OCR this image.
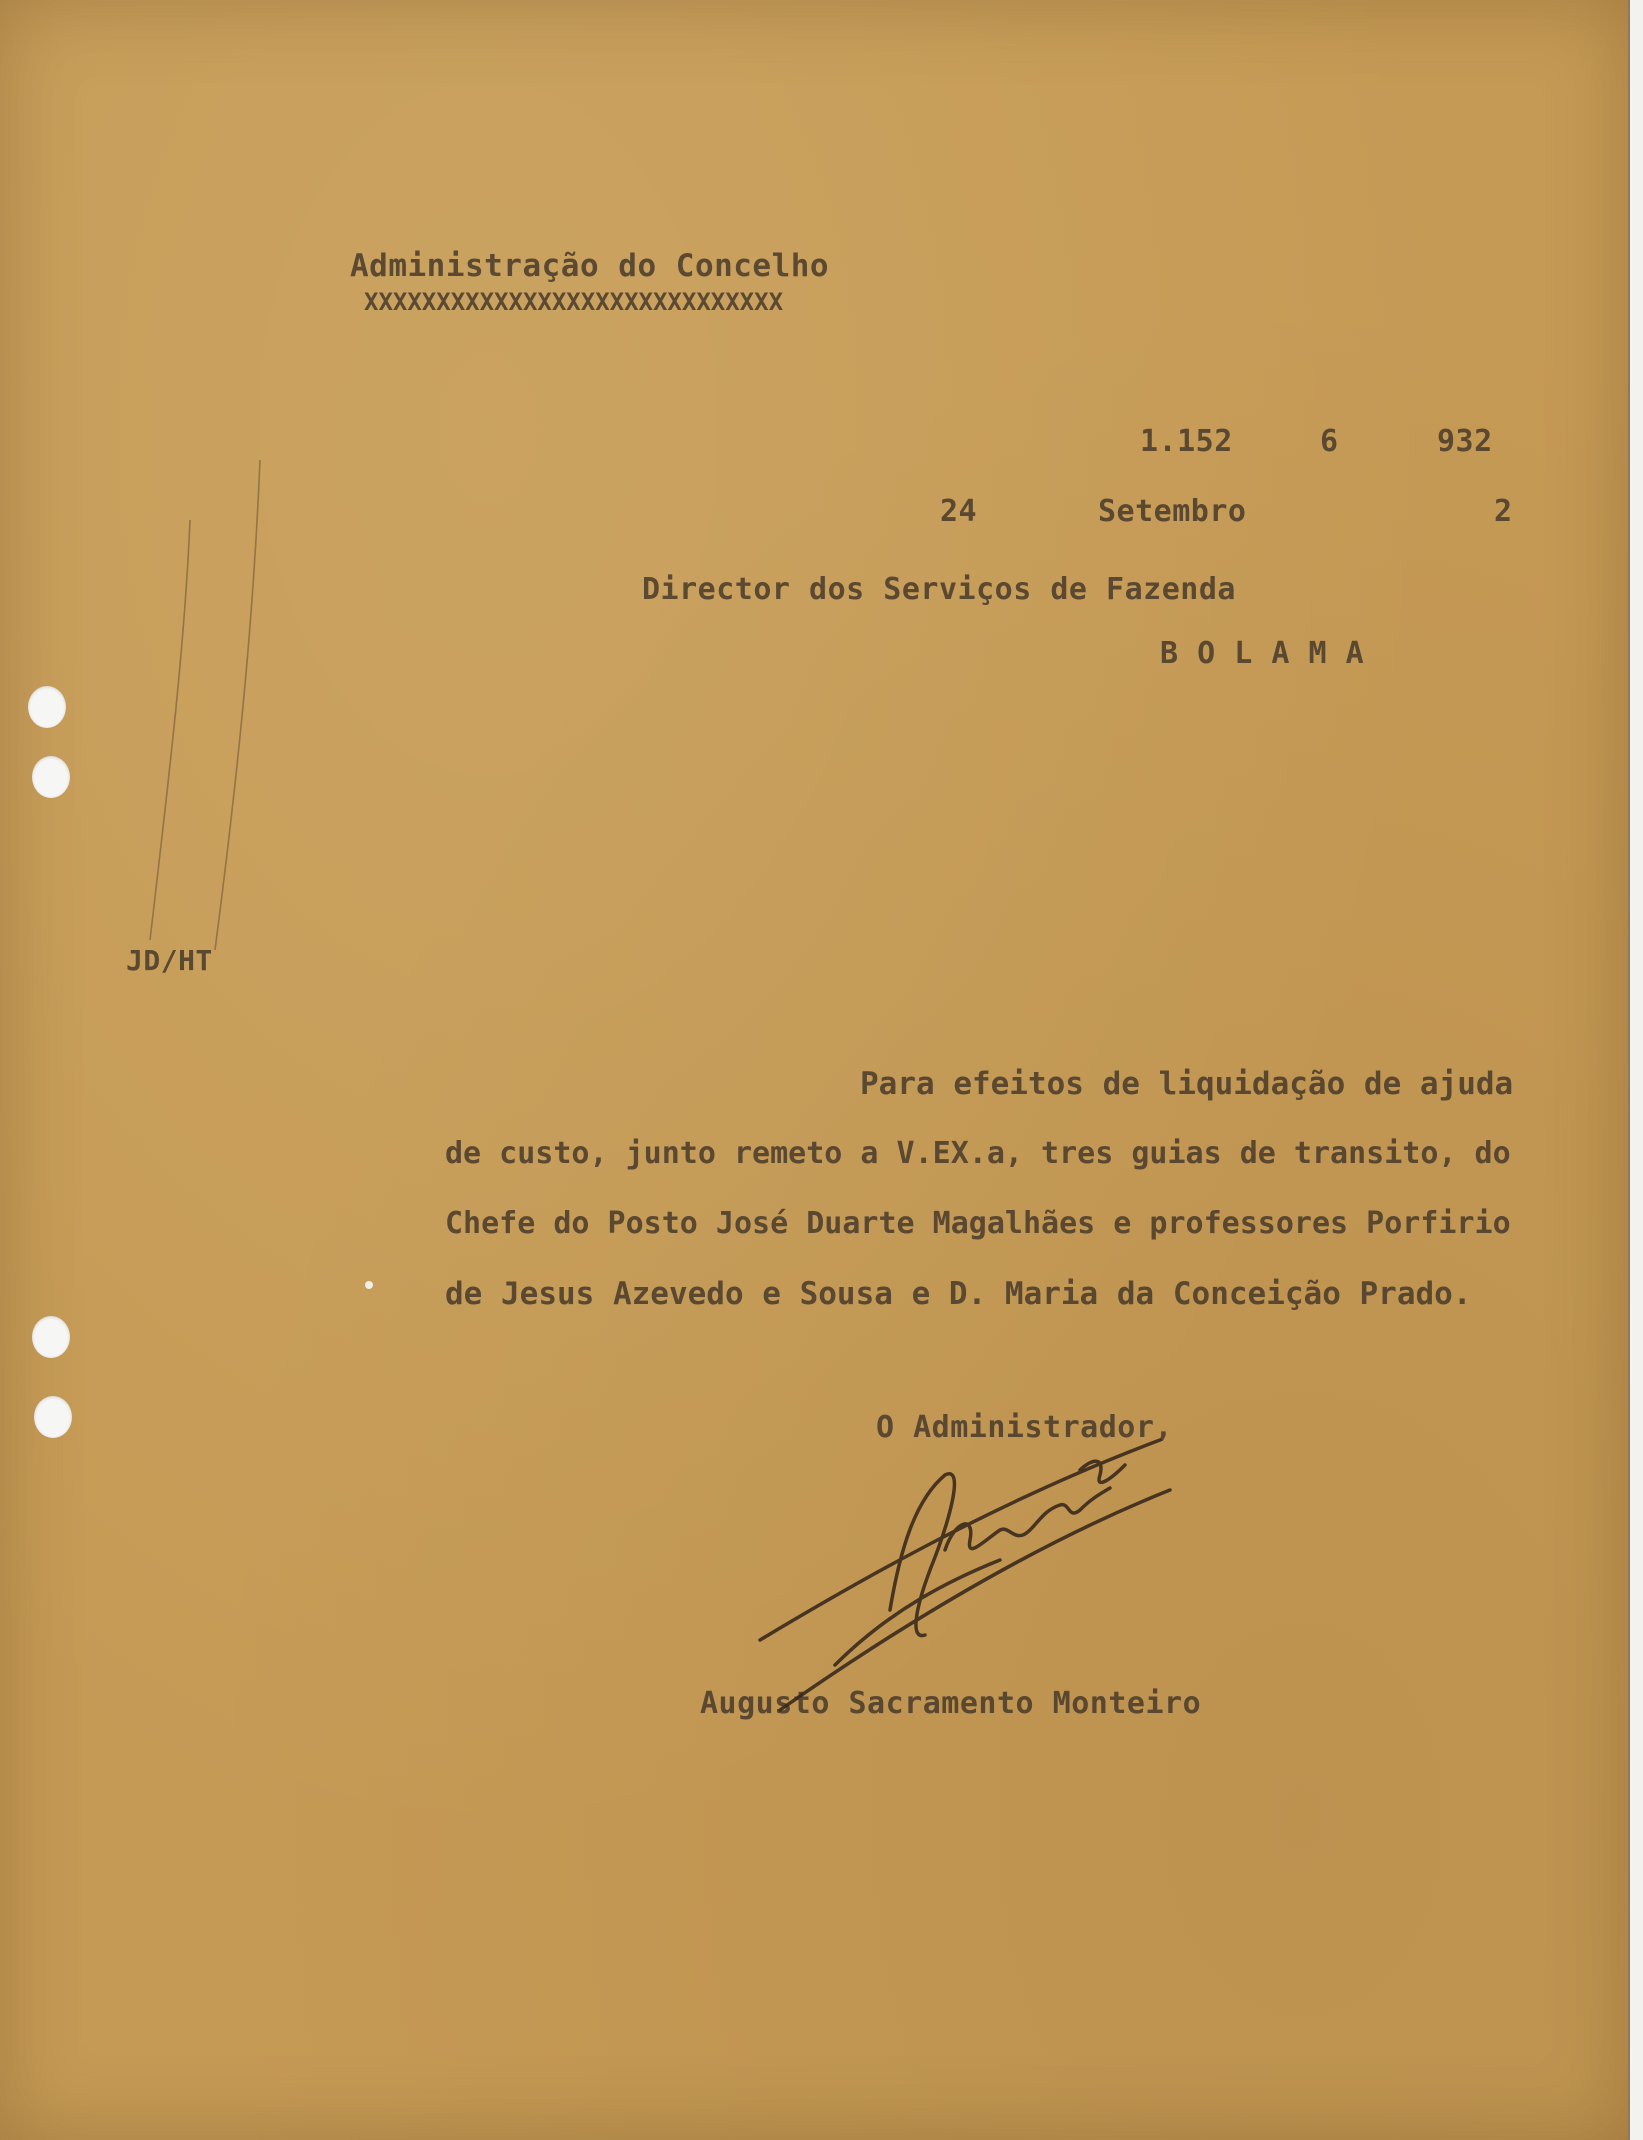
Administração do Concelho
XXXXXXXXXXXXXXXXXXXXXXXXXXXXX
1.152	6	932
24	Setembro	2
Director dos Serviços de Fazenda
B O L A M A
JD/HT
Para efeitos de liquidação de ajuda
de custo, junto remeto a V.EX.a, tres guias de transito, do
Chefe do Posto José Duarte Magalhães e professores Porfirio
de Jesus Azevedo e Sousa e D. Maria da Conceição Prado.
O Administrador,
Augusto Sacramento Monteiro
